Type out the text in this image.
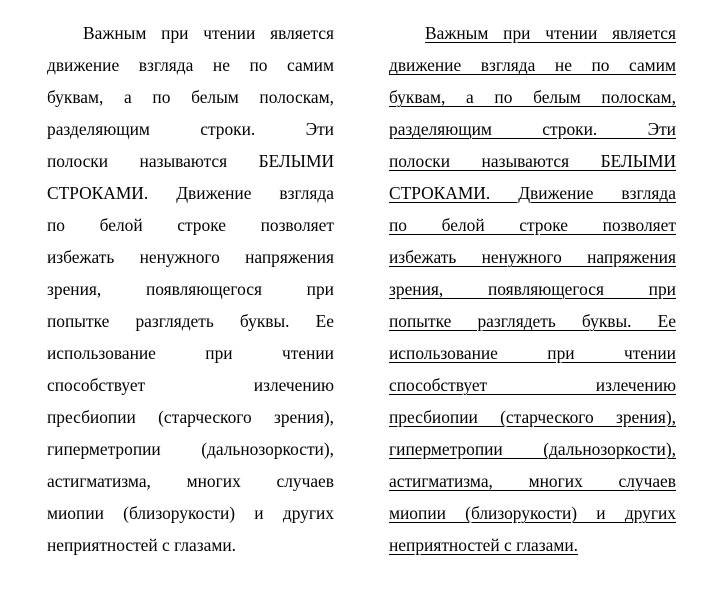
Важным при чтении является
движение взгляда не по самим
буквам, а по белым полоскам,
разделяющим строки. Эти
полоски называются БЕЛЫМИ
СТРОКАМИ. Движение взгляда
по белой строке позволяет
избежать ненужного напряжения
зрения, появляющегося при
попытке разглядеть буквы. Ее
использование при чтении
способствует излечению
пресбиопии (старческого зрения),
гиперметропии (дальнозоркости),
астигматизма, многих случаев
миопии (близорукости) и других
неприятностей с глазами.
Важным при чтении является
движение взгляда не по самим
буквам, а по белым полоскам,
разделяющим строки. Эти
полоски называются БЕЛЫМИ
СТРОКАМИ. Движение взгляда
по белой строке позволяет
избежать ненужного напряжения
зрения, появляющегося при
попытке разглядеть буквы. Ее
использование при чтении
способствует излечению
пресбиопии (старческого зрения),
гиперметропии (дальнозоркости),
астигматизма, многих случаев
миопии (близорукости) и других
неприятностей с глазами.
